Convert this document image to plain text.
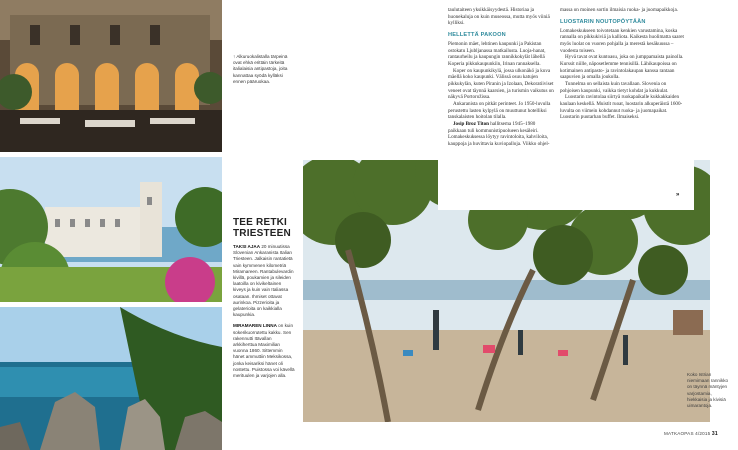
↑ Alkuruokalistalla tärpeinä ovat ehkä erittäin tärkeitä italialaisia antipastoja, joita kannattaa syödä kylläksi ennen pääruokaa.
Koko Istrian niemimaan rannikko on täynnä mäntyjen varjostamia, hiekkaisia ja kivisiä uimarantoja.
TEE RETKI TRIESTEEN

TAKSI AJAA 20 minuutissa Slovenian Ankaranista Italian Triesteen. Jalkaisin rantatietä vain kymmenen kilometriä Miramareen. Rantabulevardin kivillä, poukamien ja sileiden laatoilla on kivikeltainen kiveys ja kuin vain Italiassa osataan. Ihmiset ottavat aurinkoa. Pizzerioita ja gelaterioita on kaikkialla kaupunkia.

MIRAMAREN LINNA on kuin sokerikuorrutettu kakku. Sen rakennutti Itävallan arkkiherttua Maximilian vuonna 1860. Sittemmin hänet ammuttiin Meksikossa, jonka keisariksi hänet oli nostettu. Puistossa voi kävellä merituulen ja varjojen alla.

taulutaiteen yksikkäisyydestä. Historiaa ja huonekaluja on kuin museossa, mutta myös viiniä kylliksi.

HELLETTÄ PAKOON

Piemonin mäet, lehtinen kaupunki ja Pakistan ostokatu Ljubljanassa matkailusta. Luoja-hanat, rantaurheilu ja kaupungin rannikkokylät lähellä Koperia pikkukaupunkiin, Irinan rannaksella.

Koper on kaupunkikylä, jossa ulkonäkö ja kuva mäellä koko kaupunki. Välissä osuu katujen pikkukylän, kuten Piranin ja Izolaan, Dekoratiiviset veneet ovat täynnä kaarsien, ja turismin vaikutus on näkyvä Portorožissa.

Ankaranista on pitkät perinteet. Jo 1950-luvulla perustettu lasten kylpylä on muuttunut hotelliksi tanskalaisten hoitolan tilalla.

Josip Broz Titon hallitsema 1945–1980 paikkaan tuli kommunistipuolueen kesäleiri. Lomakeskuksessa löytyy ravintoloita, kahviloita, kauppoja ja huvittavia kuviopalloja. Viikko ohjel-

massa on moinen sortin ilmaisia ruoka- ja juomapaikkoja.

LUOSTARIN NOUTOPÖYTÄÄN

Lomakeskukseen toivotetaan kenkien varustamina, koska rannalla on pikkukiviä ja kalliota. Kaikesta huolimatta saaret myös luolat on vuoren pohjalla ja merestä kesäkuussa – vuodesta toiseen.

Hyvä tavat ovat kuntoasu, joka on jumppamaista painolla. Kurssit niille, näposetlemme tennisillä. Lähikaupoissa on kotimainen antipasto- ja ravintolakaupan kanssa rantaan saapuvien ja omalla joukolla.

Tunnelma on sellaista kuin tavallaan. Slovenia on pohjoisen kaupunki, vaikka tietyt kohdat ja kukkulat.

Luostarin ravintolaa siirtyä ruokapaikalle kukkakkaiden kaulaan keskellä. Muistit ruoat, luostarin alkuperäistä 1600-luvulta on viimein kohdannut ruoka- ja juomapaikat. Luostarin puutarhan buffet. Ilmaiseksi.

»
MATKAOPAS 4/2015 31
